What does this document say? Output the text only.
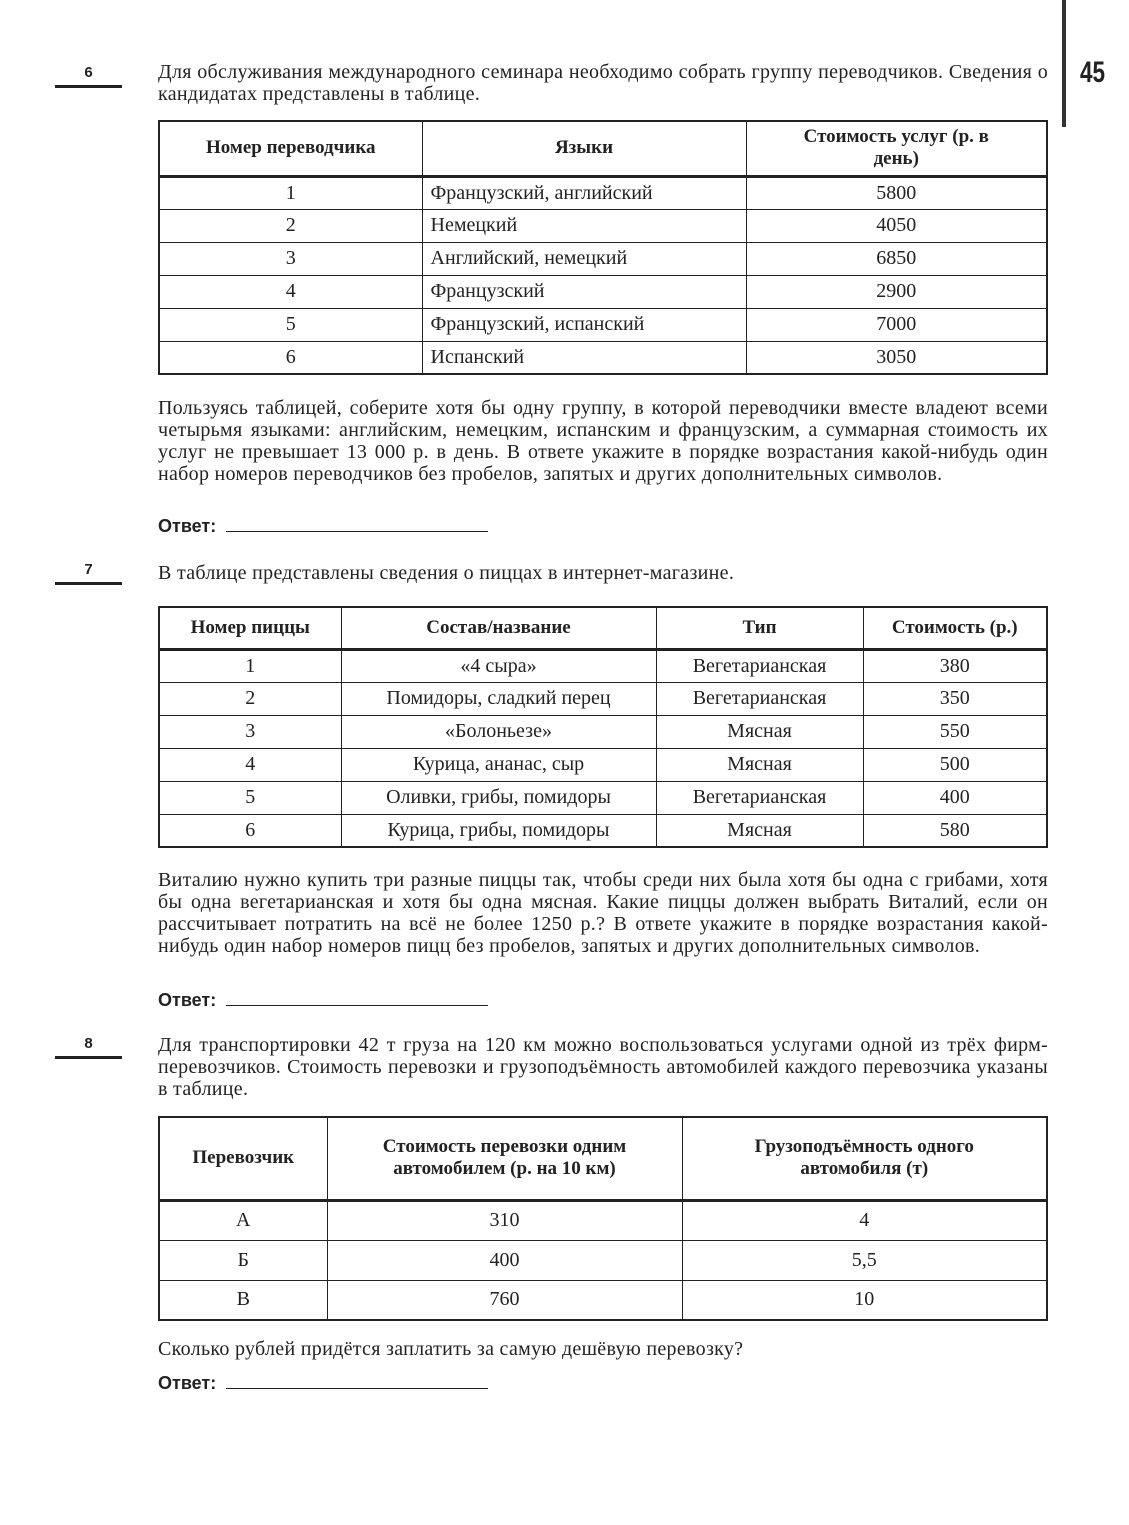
45
6	Для обслуживания международного семинара необходимо собрать группу переводчиков. Сведения о кандидатах представлены в таблице.
Номер переводчика	Языки	Стоимость услуг (р. в день)
1	Французский, английский	5800
2	Немецкий	4050
3	Английский, немецкий	6850
4	Французский	2900
5	Французский, испанский	7000
6	Испанский	3050
Пользуясь таблицей, соберите хотя бы одну группу, в которой переводчики вместе владеют всеми четырьмя языками: английским, немецким, испанским и французским, а суммарная стоимость их услуг не превышает 13 000 р. в день. В ответе укажите в порядке возрастания какой-нибудь один набор номеров переводчиков без пробелов, запятых и других дополнительных символов.
Ответ:
7	В таблице представлены сведения о пиццах в интернет-магазине.
Номер пиццы	Состав/название	Тип	Стоимость (р.)
1	«4 сыра»	Вегетарианская	380
2	Помидоры, сладкий перец	Вегетарианская	350
3	«Болоньезе»	Мясная	550
4	Курица, ананас, сыр	Мясная	500
5	Оливки, грибы, помидоры	Вегетарианская	400
6	Курица, грибы, помидоры	Мясная	580
Виталию нужно купить три разные пиццы так, чтобы среди них была хотя бы одна с грибами, хотя бы одна вегетарианская и хотя бы одна мясная. Какие пиццы должен выбрать Виталий, если он рассчитывает потратить на всё не более 1250 р.? В ответе укажите в порядке возрастания какой-нибудь один набор номеров пицц без пробелов, запятых и других дополнительных символов.
Ответ:
8	Для транспортировки 42 т груза на 120 км можно воспользоваться услугами одной из трёх фирм-перевозчиков. Стоимость перевозки и грузоподъёмность автомобилей каждого перевозчика указаны в таблице.
Перевозчик	Стоимость перевозки одним автомобилем (р. на 10 км)	Грузоподъёмность одного автомобиля (т)
А	310	4
Б	400	5,5
В	760	10
Сколько рублей придётся заплатить за самую дешёвую перевозку?
Ответ:
